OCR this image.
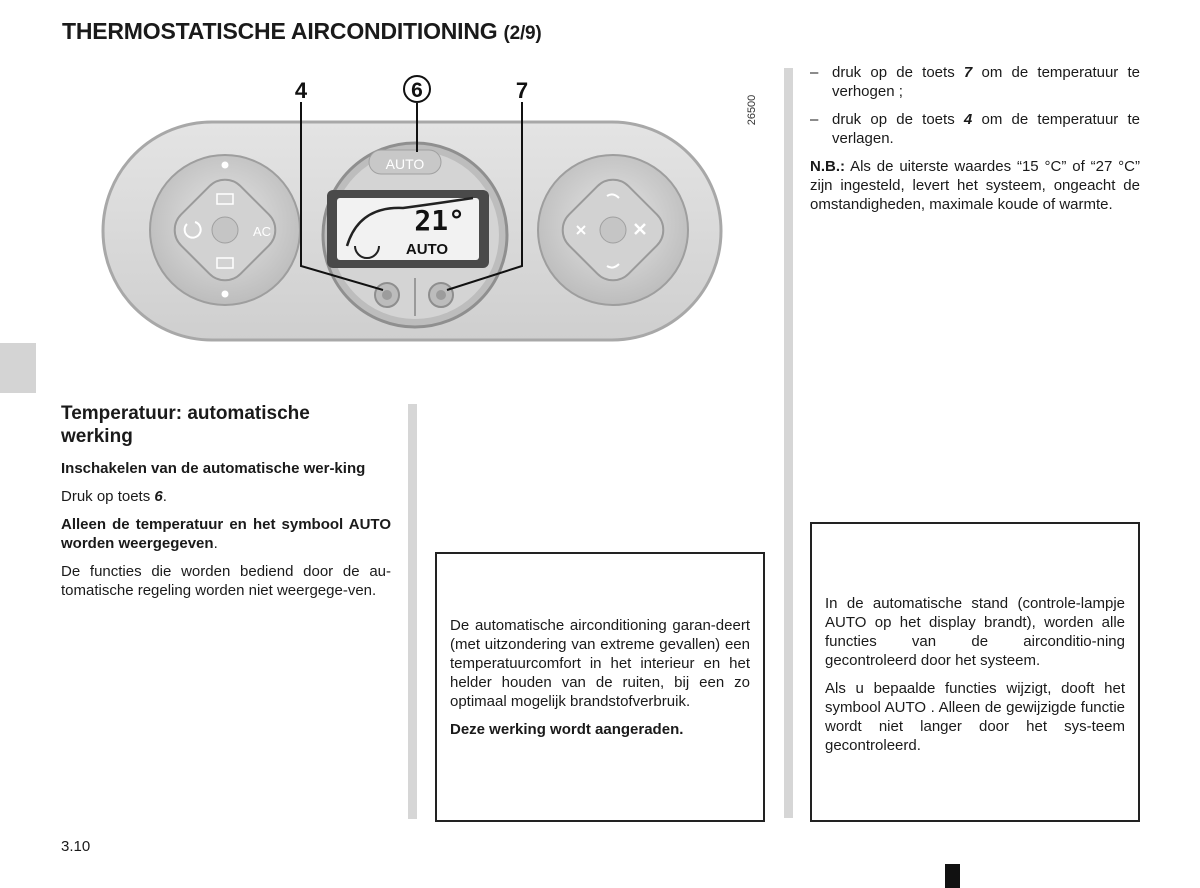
THERMOSTATISCHE AIRCONDITIONING (2/9)
AC
AUTO
21°
AUTO
4	6	7
26500
Temperatuur: automatische werking

Inschakelen van de automatische wer-king

Druk op toets 6.

Alleen de temperatuur en het symbool AUTO worden weergegeven.

De functies die worden bediend door de au-tomatische regeling worden niet weergege-ven.

De automatische airconditioning garan-deert (met uitzondering van extreme gevallen) een temperatuurcomfort in het interieur en het helder houden van de ruiten, bij een zo optimaal mogelijk brandstofverbruik.

Deze werking wordt aangeraden.

– druk op de toets 7 om de temperatuur te verhogen ;
– druk op de toets 4 om de temperatuur te verlagen.

N.B.: Als de uiterste waardes “15 °C” of “27 °C” zijn ingesteld, levert het systeem, ongeacht de omstandigheden, maximale koude of warmte.

In de automatische stand (controle-lampje AUTO op het display brandt), worden alle functies van de airconditio-ning gecontroleerd door het systeem.

Als u bepaalde functies wijzigt, dooft het symbool AUTO . Alleen de gewijzigde functie wordt niet langer door het sys-teem gecontroleerd.

3.10
